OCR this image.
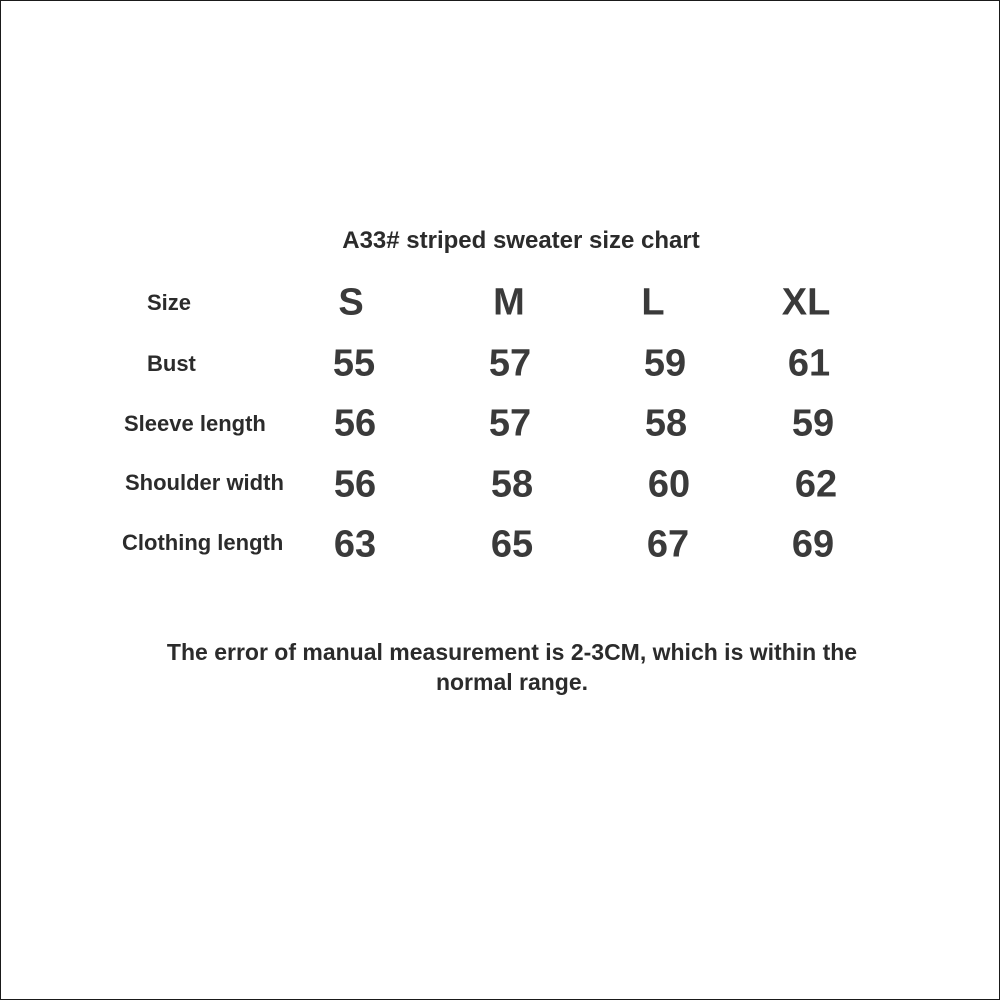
A33# striped sweater size chart
Size	S	M	L	XL
Bust	55	57	59	61
Sleeve length 56	57	58	59
Shoulder width 56	58	60	62
Clothing length 63	65	67	69
The error of manual measurement is 2-3CM, which is within the
normal range.
